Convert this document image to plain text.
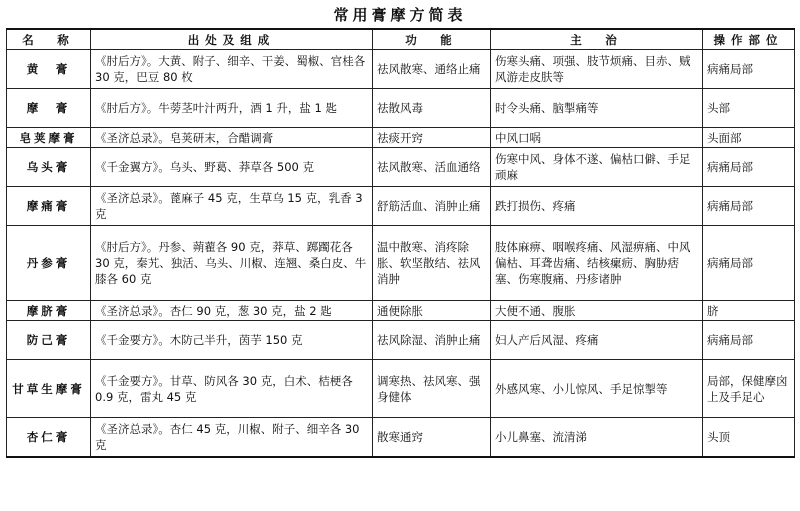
常用膏摩方简表
名　称	出处及组成	功　能	主　治	操作部位
黄　膏	《肘后方》。大黄、附子、细辛、干姜、蜀椒、官桂各 30 克，巴豆 80 枚	祛风散寒、通络止痛	伤寒头痛、项强、肢节烦痛、目赤、贼风游走皮肤等	病痛局部
摩　膏	《肘后方》。牛蒡茎叶汁两升，酒 1 升，盐 1 匙	祛散风毒	时令头痛、脑掣痛等	头部
皂荚摩膏	《圣济总录》。皂荚研末，合醋调膏	祛痰开窍	中风口㖞	头面部
乌头膏	《千金翼方》。乌头、野葛、莽草各 500 克	祛风散寒、活血通络	伤寒中风、身体不遂、偏枯口僻、手足顽麻	病痛局部
摩痛膏	《圣济总录》。蓖麻子 45 克，生草乌 15 克，乳香 3 克	舒筋活血、消肿止痛	跌打损伤、疼痛	病痛局部
丹参膏	《肘后方》。丹参、蒴藋各 90 克，莽草、踯躅花各 30 克，秦艽、独活、乌头、川椒、连翘、桑白皮、牛膝各 60 克	温中散寒、消疼除胀、软坚散结、祛风消肿	肢体麻痹、咽喉疼痛、风湿痹痛、中风偏枯、耳聋齿痛、结核瘰疬、胸胁痞塞、伤寒腹痛、丹疹诸肿	病痛局部
摩脐膏	《圣济总录》。杏仁 90 克，葱 30 克，盐 2 匙	通便除胀	大便不通、腹胀	脐
防己膏	《千金要方》。木防己半升，茵芋 150 克	祛风除湿、消肿止痛	妇人产后风湿、疼痛	病痛局部
甘草生摩膏	《千金要方》。甘草、防风各 30 克，白术、桔梗各 0.9 克，雷丸 45 克	调寒热、祛风寒、强身健体	外感风寒、小儿惊风、手足惊掣等	局部，保健摩囟上及手足心
杏仁膏	《圣济总录》。杏仁 45 克，川椒、附子、细辛各 30 克	散寒通窍	小儿鼻塞、流清涕	头顶
